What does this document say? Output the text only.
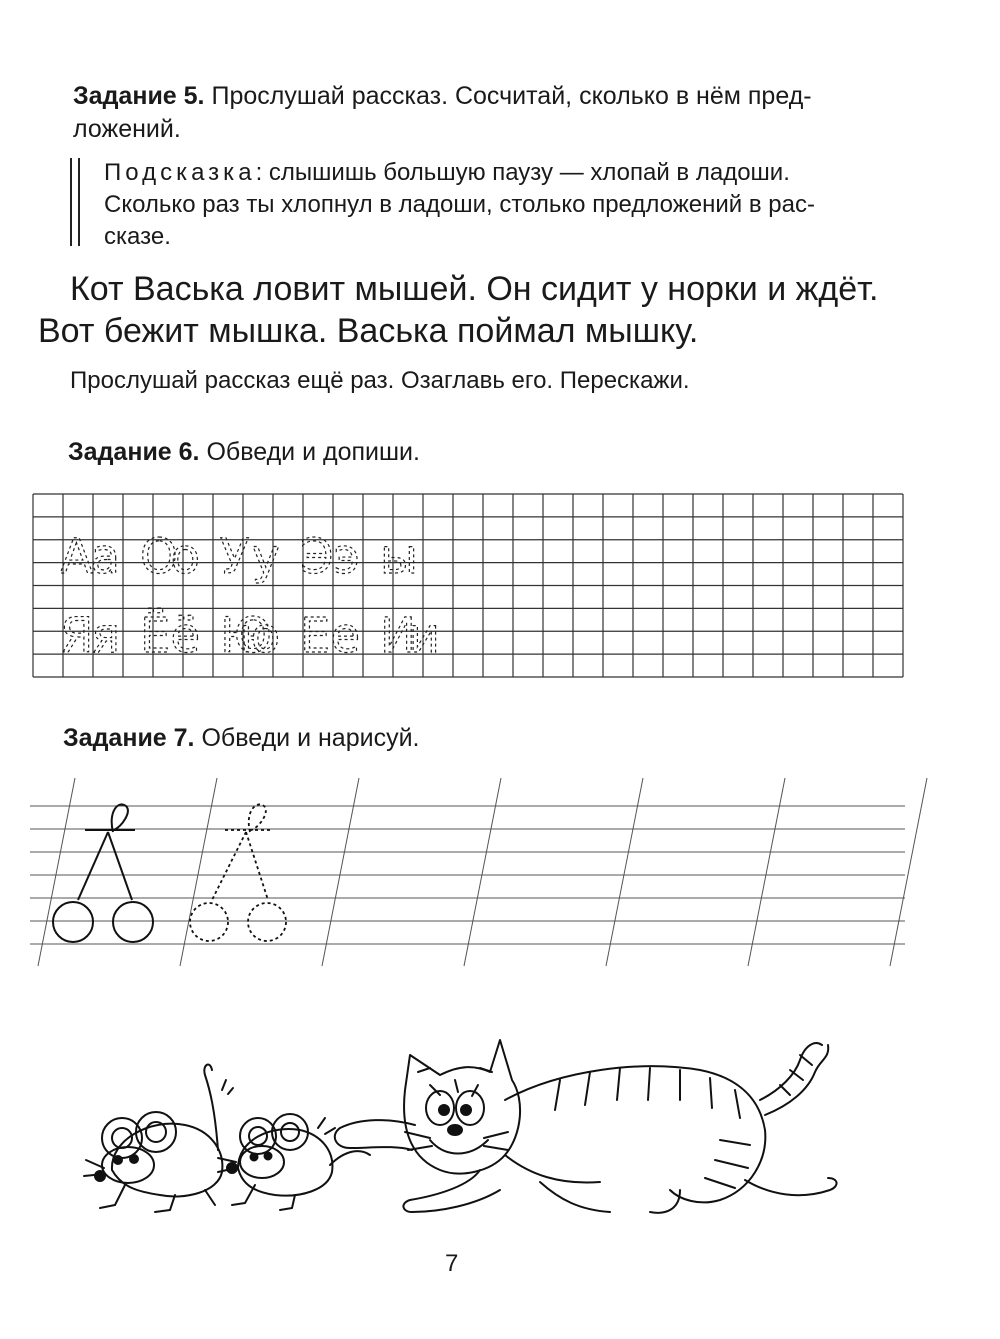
Задание 5. Прослушай рассказ. Сосчитай, сколько в нём пред-
ложений.
Подсказка: слышишь большую паузу — хлопай в ладоши.
Сколько раз ты хлопнул в ладоши, столько предложений в рас-
сказе.
Кот Васька ловит мышей. Он сидит у норки и ждёт.
Вот бежит мышка. Васька поймал мышку.
Прослушай рассказ ещё раз. Озаглавь его. Перескажи.
Задание 6. Обведи и допиши.
Аа Оо Уу Ээ ы
Яя Ёё Юю Ее Ии
Задание 7. Обведи и нарисуй.
7
